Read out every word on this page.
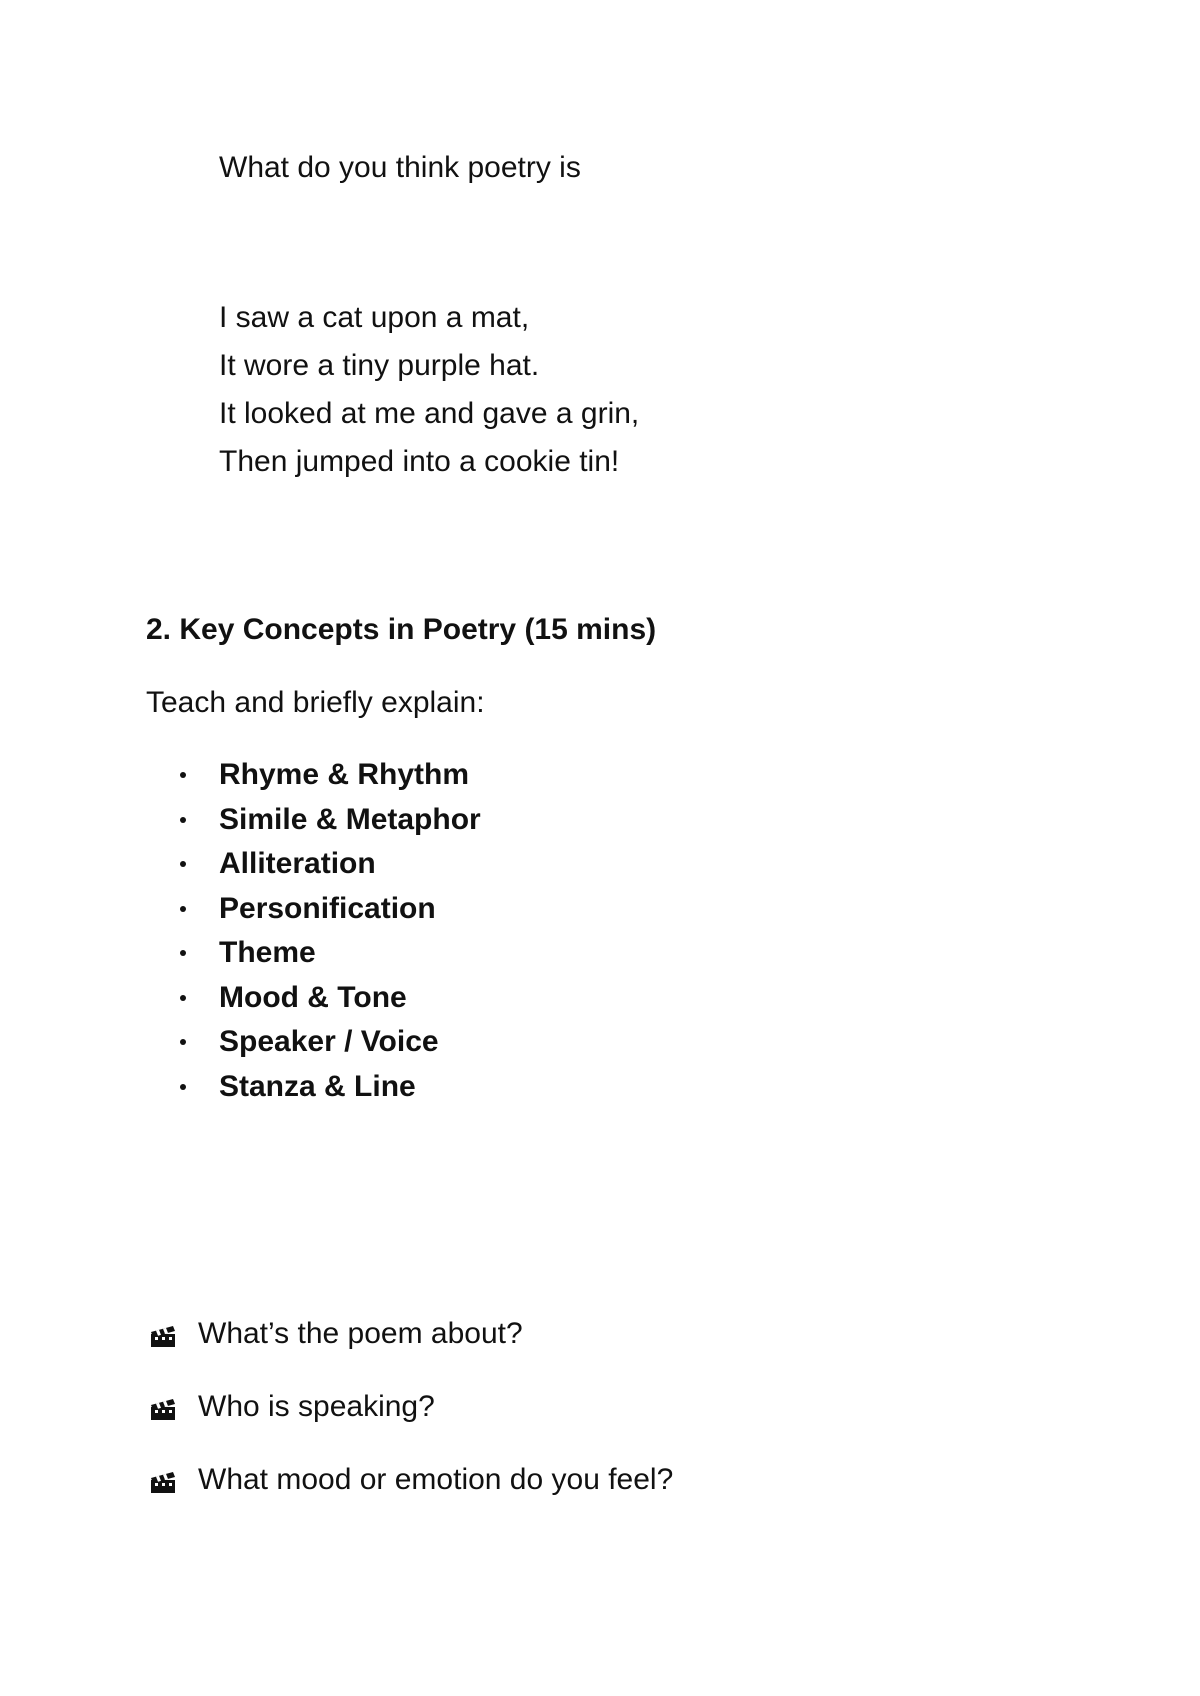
What do you think poetry is
I saw a cat upon a mat,
It wore a tiny purple hat.
It looked at me and gave a grin,
Then jumped into a cookie tin!
2. Key Concepts in Poetry (15 mins)
Teach and briefly explain:
Rhyme & Rhythm
Simile & Metaphor
Alliteration
Personification
Theme
Mood & Tone
Speaker / Voice
Stanza & Line
What’s the poem about?
Who is speaking?
What mood or emotion do you feel?
